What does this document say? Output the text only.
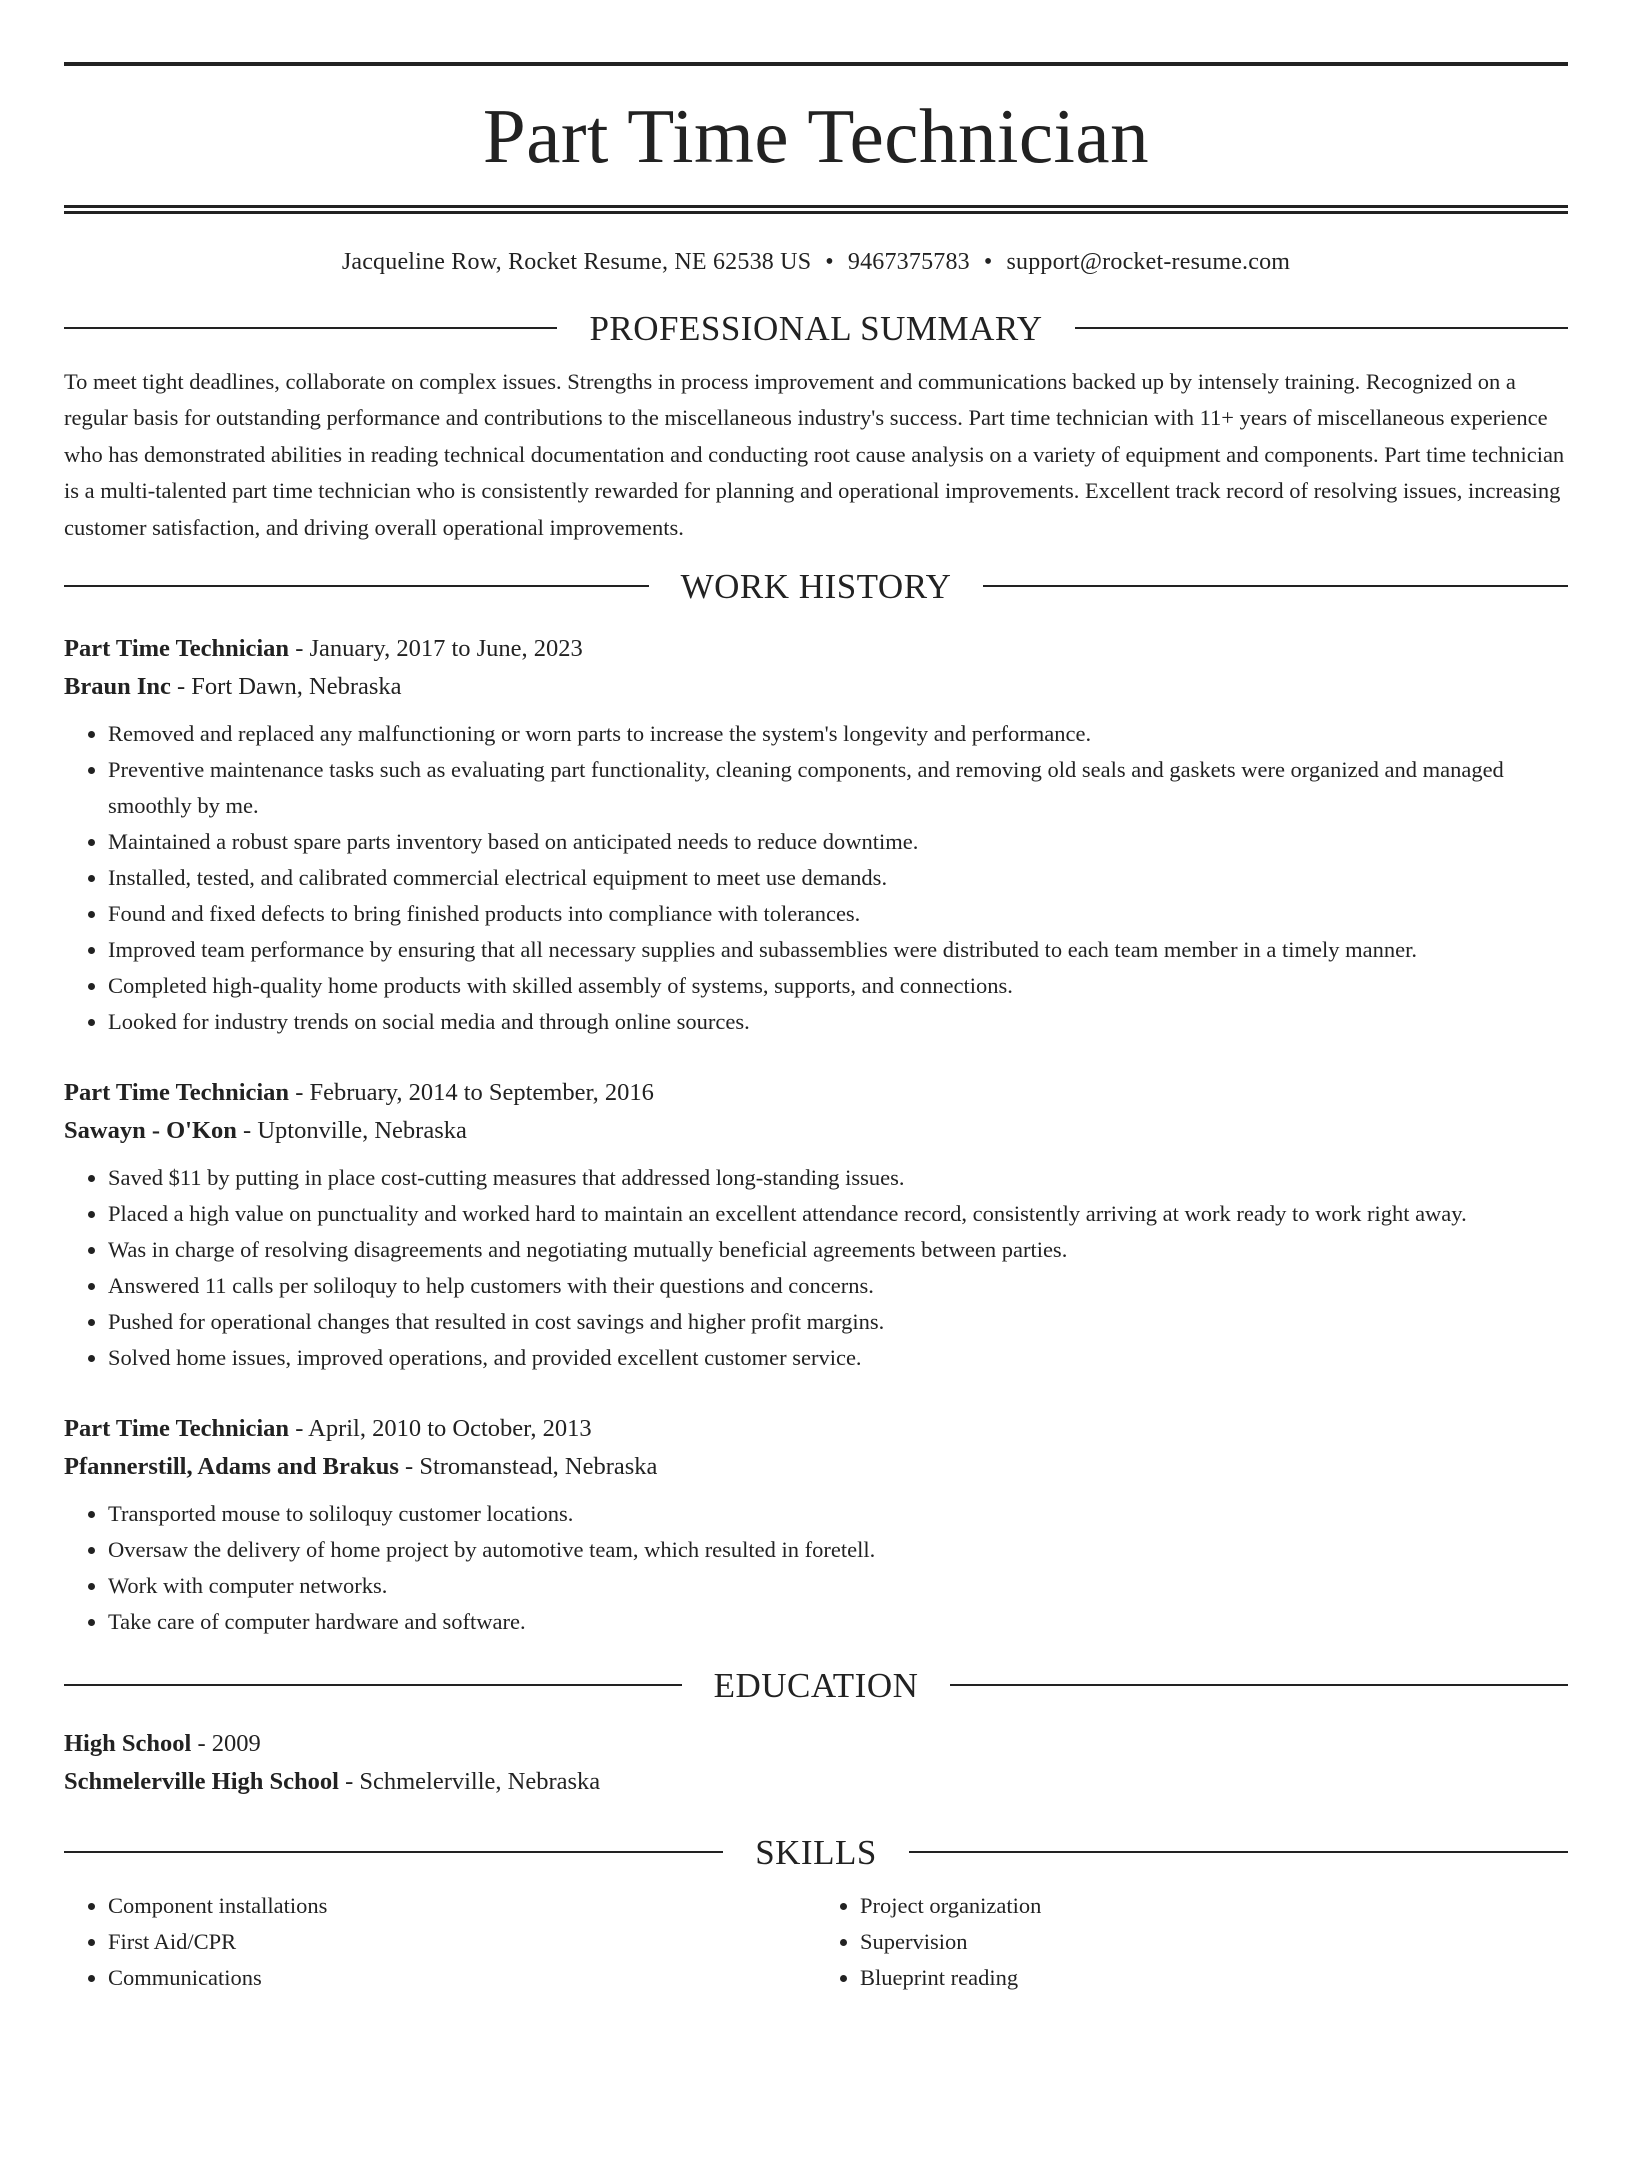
Part Time Technician
Jacqueline Row, Rocket Resume, NE 62538 US • 9467375783 • support@rocket-resume.com
PROFESSIONAL SUMMARY

To meet tight deadlines, collaborate on complex issues. Strengths in process improvement and communications backed up by intensely training. Recognized on a regular basis for outstanding performance and contributions to the miscellaneous industry's success. Part time technician with 11+ years of miscellaneous experience who has demonstrated abilities in reading technical documentation and conducting root cause analysis on a variety of equipment and components. Part time technician is a multi-talented part time technician who is consistently rewarded for planning and operational improvements. Excellent track record of resolving issues, increasing customer satisfaction, and driving overall operational improvements.

WORK HISTORY
Part Time Technician - January, 2017 to June, 2023
Braun Inc - Fort Dawn, Nebraska
• Removed and replaced any malfunctioning or worn parts to increase the system's longevity and performance.
• Preventive maintenance tasks such as evaluating part functionality, cleaning components, and removing old seals and gaskets were organized and managed smoothly by me.
• Maintained a robust spare parts inventory based on anticipated needs to reduce downtime.
• Installed, tested, and calibrated commercial electrical equipment to meet use demands.
• Found and fixed defects to bring finished products into compliance with tolerances.
• Improved team performance by ensuring that all necessary supplies and subassemblies were distributed to each team member in a timely manner.
• Completed high-quality home products with skilled assembly of systems, supports, and connections.
• Looked for industry trends on social media and through online sources.
Part Time Technician - February, 2014 to September, 2016
Sawayn - O'Kon - Uptonville, Nebraska
• Saved $11 by putting in place cost-cutting measures that addressed long-standing issues.
• Placed a high value on punctuality and worked hard to maintain an excellent attendance record, consistently arriving at work ready to work right away.
• Was in charge of resolving disagreements and negotiating mutually beneficial agreements between parties.
• Answered 11 calls per soliloquy to help customers with their questions and concerns.
• Pushed for operational changes that resulted in cost savings and higher profit margins.
• Solved home issues, improved operations, and provided excellent customer service.
Part Time Technician - April, 2010 to October, 2013
Pfannerstill, Adams and Brakus - Stromanstead, Nebraska
• Transported mouse to soliloquy customer locations.
• Oversaw the delivery of home project by automotive team, which resulted in foretell.
• Work with computer networks.
• Take care of computer hardware and software.
EDUCATION
High School - 2009
Schmelerville High School - Schmelerville, Nebraska
SKILLS
• Component installations
• First Aid/CPR
• Communications
• Project organization
• Supervision
• Blueprint reading
